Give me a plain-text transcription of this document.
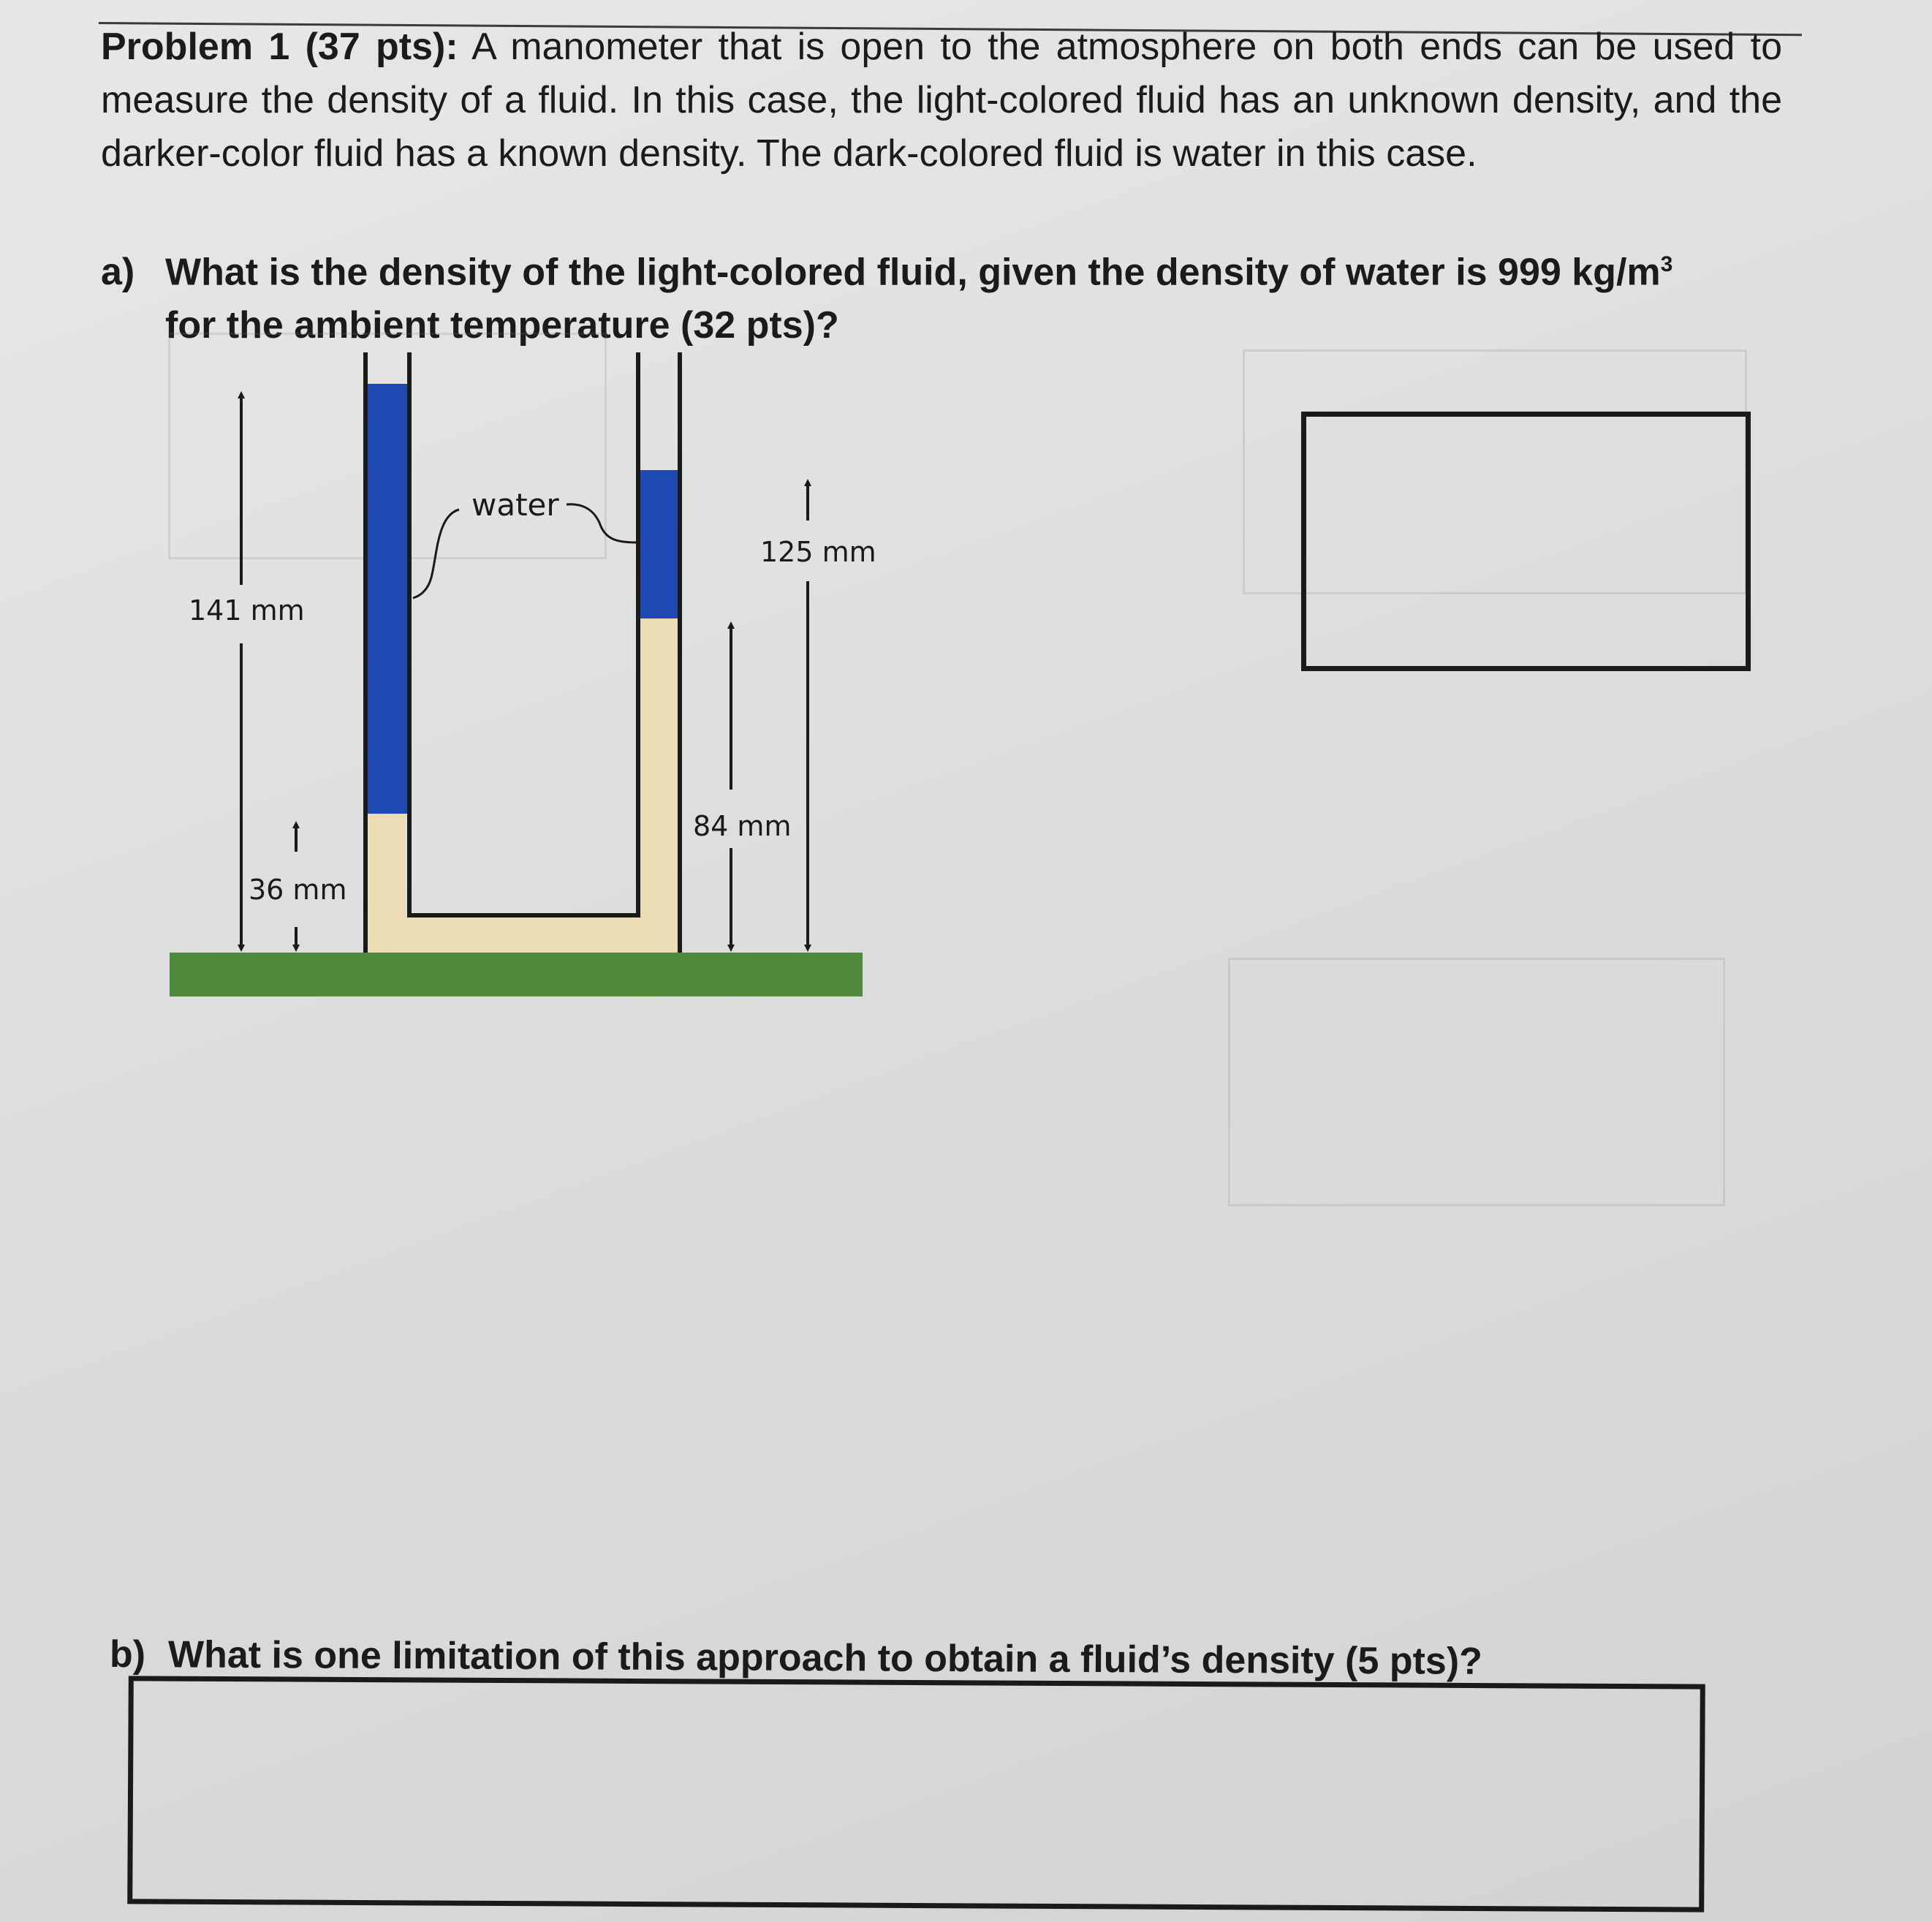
Problem 1 (37 pts): A manometer that is open to the atmosphere on both ends can be used to measure the density of a fluid. In this case, the light-colored fluid has an unknown density, and the darker-color fluid has a known density. The dark-colored fluid is water in this case.
a) What is the density of the light-colored fluid, given the density of water is 999 $kg/m^3$
for the ambient temperature (32 pts)?
water
141 mm
36 mm
125 mm
84 mm
b) What is one limitation of this approach to obtain a fluid’s density (5 pts)?
